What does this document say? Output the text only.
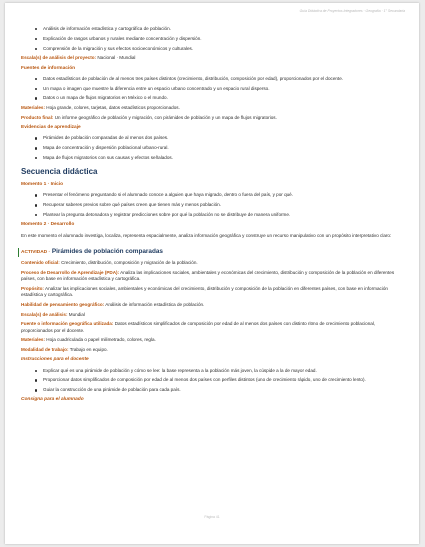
Guía Didáctica de Proyectos Integradores · Geografía · 1° Secundaria
Análisis de información estadística y cartográfica de población.
Explicación de rasgos urbanos y rurales mediante concentración y dispersión.
Comprensión de la migración y sus efectos socioeconómicos y culturales.
Escala(s) de análisis del proyecto: Nacional · Mundial
Fuentes de información
Datos estadísticos de población de al menos tres países distintos (crecimiento, distribución, composición por edad), proporcionados por el docente.
Un mapa o imagen que muestre la diferencia entre un espacio urbano concentrado y un espacio rural disperso.
Datos o un mapa de flujos migratorios en México o el mundo.
Materiales: Hoja grande, colores, tarjetas, datos estadísticos proporcionados.
Producto final: Un informe geográfico de población y migración, con pirámides de población y un mapa de flujos migratorios.
Evidencias de aprendizaje
Pirámides de población comparadas de al menos dos países.
Mapa de concentración y dispersión poblacional urbano-rural.
Mapa de flujos migratorios con sus causas y efectos señalados.
Secuencia didáctica
Momento 1 · Inicio
Presentar el fenómeno preguntando si el alumnado conoce a alguien que haya migrado, dentro o fuera del país, y por qué.
Recuperar saberes previos sobre qué países creen que tienen más y menos población.
Plantear la pregunta detonadora y registrar predicciones sobre por qué la población no se distribuye de manera uniforme.
Momento 2 · Desarrollo

En este momento el alumnado investiga, localiza, representa espacialmente, analiza información geográfica y construye un recurso manipulativo con un propósito interpretativo claro:

ACTIVIDAD · Pirámides de población comparadas
Contenido oficial: Crecimiento, distribución, composición y migración de la población.
Proceso de Desarrollo de Aprendizaje (PDA): Analiza las implicaciones sociales, ambientales y económicas del crecimiento, distribución y composición de la población en diferentes países, con base en información estadística y cartográfica.
Propósito: Analizar las implicaciones sociales, ambientales y económicas del crecimiento, distribución y composición de la población en diferentes países, con base en información estadística y cartográfica.
Habilidad de pensamiento geográfico: Análisis de información estadística de población.
Escala(s) de análisis: Mundial
Fuente o información geográfica utilizada: Datos estadísticos simplificados de composición por edad de al menos dos países con distinto ritmo de crecimiento poblacional, proporcionados por el docente.
Materiales: Hoja cuadriculada o papel milimetrado, colores, regla.
Modalidad de trabajo: Trabajo en equipo.
Instrucciones para el docente
Explicar qué es una pirámide de población y cómo se lee: la base representa a la población más joven, la cúspide a la de mayor edad.
Proporcionar datos simplificados de composición por edad de al menos dos países con perfiles distintos (uno de crecimiento rápido, uno de crecimiento lento).
Guiar la construcción de una pirámide de población para cada país.
Consigna para el alumnado
Página 41
